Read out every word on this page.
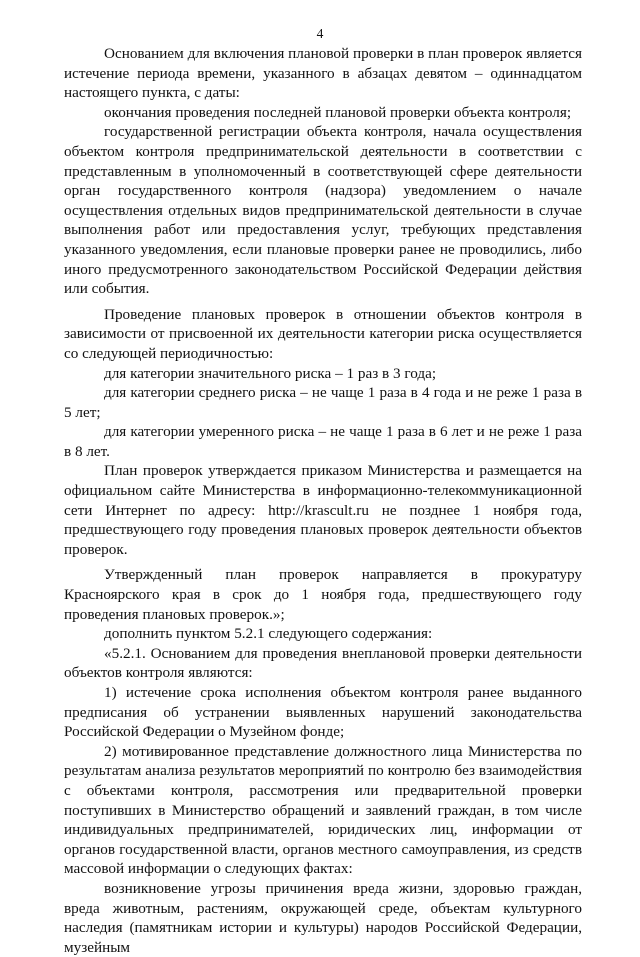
4

Основанием для включения плановой проверки в план проверок является истечение периода времени, указанного в абзацах девятом – одиннадцатом настоящего пункта, с даты:

окончания проведения последней плановой проверки объекта контроля;

государственной регистрации объекта контроля, начала осуществления объектом контроля предпринимательской деятельности в соответствии с представленным в уполномоченный в соответствующей сфере деятельности орган государственного контроля (надзора) уведомлением о начале осуществления отдельных видов предпринимательской деятельности в случае выполнения работ или предоставления услуг, требующих представления указанного уведомления, если плановые проверки ранее не проводились, либо иного предусмотренного законодательством Российской Федерации действия или события.

Проведение плановых проверок в отношении объектов контроля в зависимости от присвоенной их деятельности категории риска осуществляется со следующей периодичностью:

для категории значительного риска – 1 раз в 3 года;

для категории среднего риска – не чаще 1 раза в 4 года и не реже 1 раза в 5 лет;

для категории умеренного риска – не чаще 1 раза в 6 лет и не реже 1 раза в 8 лет.

План проверок утверждается приказом Министерства и размещается на официальном сайте Министерства в информационно-телекоммуникационной сети Интернет по адресу: http://krascult.ru не позднее 1 ноября года, предшествующего году проведения плановых проверок деятельности объектов проверок.

Утвержденный план проверок направляется в прокуратуру Красноярского края в срок до 1 ноября года, предшествующего году проведения плановых проверок.»;

дополнить пунктом 5.2.1 следующего содержания:

«5.2.1. Основанием для проведения внеплановой проверки деятельности объектов контроля являются:

1) истечение срока исполнения объектом контроля ранее выданного предписания об устранении выявленных нарушений законодательства Российской Федерации о Музейном фонде;

2) мотивированное представление должностного лица Министерства по результатам анализа результатов мероприятий по контролю без взаимодействия с объектами контроля, рассмотрения или предварительной проверки поступивших в Министерство обращений и заявлений граждан, в том числе индивидуальных предпринимателей, юридических лиц, информации от органов государственной власти, органов местного самоуправления, из средств массовой информации о следующих фактах:

возникновение угрозы причинения вреда жизни, здоровью граждан, вреда животным, растениям, окружающей среде, объектам культурного наследия (памятникам истории и культуры) народов Российской Федерации, музейным
